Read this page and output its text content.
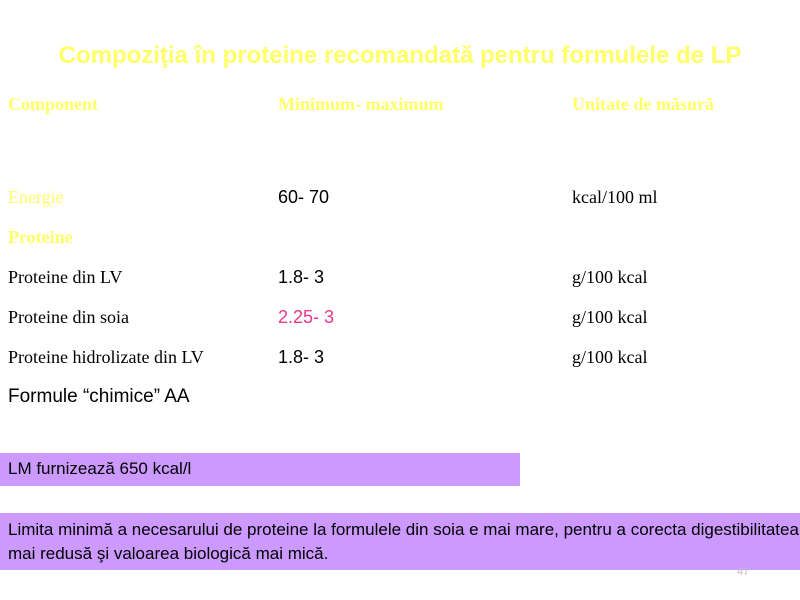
Compoziţia în proteine recomandată pentru formulele de LP
Component	Minimum- maximum	Unitate de măsură
Energie	60- 70	kcal/100 ml
Proteine
Proteine din LV	1.8- 3	g/100 kcal
Proteine din soia	2.25- 3	g/100 kcal
Proteine hidrolizate din LV	1.8- 3	g/100 kcal
Formule “chimice” AA
LM furnizează 650 kcal/l
Limita minimă a necesarului de proteine la formulele din soia e mai mare, pentru a corecta digestibilitatea mai redusă şi valoarea biologică mai mică.
47
